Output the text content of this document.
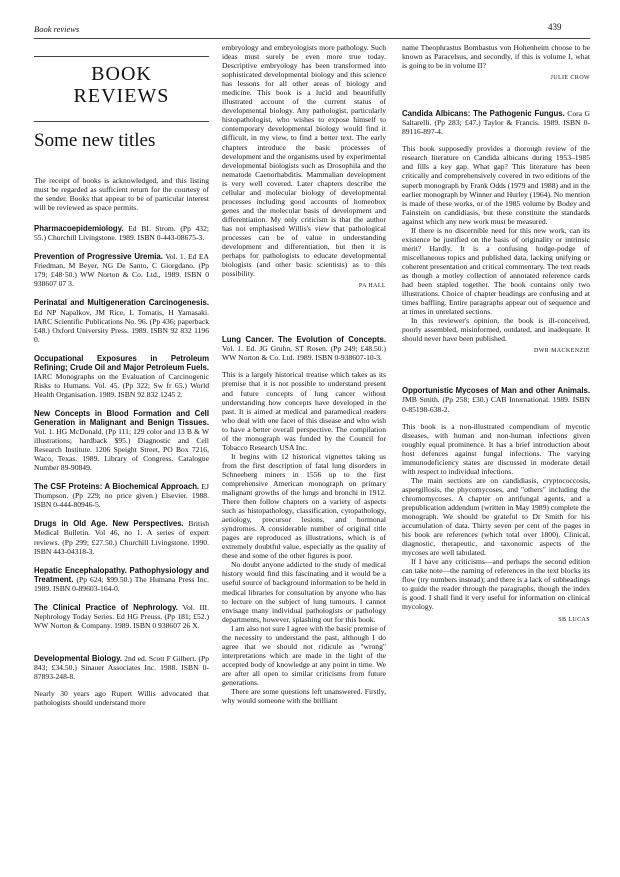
Book reviews	439
BOOK
REVIEWS
Some new titles

The receipt of books is acknowledged, and this listing must be regarded as sufficient return for the courtesy of the sender. Books that appear to be of particular interest will be reviewed as space permits.

Pharmacoepidemiology. Ed BL Strom. (Pp 432; 55.) Churchill Livingstone. 1989. ISBN 0-443-08675-3.
Prevention of Progressive Uremia. Vol. 1. Ed EA Friedman, M Beyer, NG De Santo, C Giorgdano. (Pp 179; £48·50.) WW Norton & Co. Ltd., 1989. ISBN 0 938607 07 3.
Perinatal and Multigeneration Carcinogenesis. Ed NP Napalkov, JM Rice, L Tomatis, H Yamasaki. IARC Scientific Publications No. 96. (Pp 436; paperback £48.) Oxford University Press. 1989. ISBN 92 832 1196 0.
Occupational Exposures in Petroleum Refining; Crude Oil and Major Petroleum Fuels. IARC Monographs on the Evaluation of Carcinogenic Risks to Humans. Vol. 45. (Pp 322; Sw fr 65.) World Health Organisation. 1989. ISBN 92 832 1245 2.
New Concepts in Blood Formation and Cell Generation in Malignant and Benign Tissues. Vol. 1. HG McDonald. (Pp 111; 129 color and 13 B & W illustrations; hardback $95.) Diagnostic and Cell Research Institute. 1206 Speight Street, PO Box 7216, Waco, Texas. 1989. Library of Congress. Catalogue Number 89-90849.
The CSF Proteins: A Biochemical Approach. EJ Thompson. (Pp 229; no price given.) Elsevier. 1988. ISBN 0-444-80946-5.
Drugs in Old Age. New Perspectives. British Medical Bulletin. Vol 46, no 1. A series of expert reviews. (Pp 299; £27.50.) Churchill Livingstone. 1990. ISBN 443-04318-3.
Hepatic Encephalopathy. Pathophysiology and Treatment. (Pp 624; $99.50.) The Humana Press Inc. 1989. ISBN 0-89603-164-0.
The Clinical Practice of Nephrology. Vol. III. Nephrology Today Series. Ed HG Preuss. (Pp 181; £52.) WW Norton & Company. 1989. ISBN 0 938607 26 X.
Developmental Biology. 2nd ed. Scott F Gilbert. (Pp 843; £34.50.) Sinauer Associates Inc. 1988. ISBN 0-87893-248-8.

Nearly 30 years ago Rupert Willis advocated that pathologists should understand more

embryology and embryologists more pathology. Such ideas must surely be even more true today. Descriptive embryology has been transformed into sophisticated developmental biology and this science has lessons for all other areas of biology and medicine. This book is a lucid and beautifully illustrated account of the current status of developmental biology. Any pathologist, particularly histopathologist, who wishes to expose himself to contemporary developmental biology would find it difficult, in my view, to find a better text. The early chapters introduce the basic processes of development and the organisms used by experimental developmental biologists such as Drosophila and the nematode Caenorhabditis. Mammalian development is very well covered. Later chapters describe the cellular and molecular biology of developmental processes including good accounts of homeobox genes and the molecular basis of development and differentiation. My only criticism is that the author has not emphasised Willis's view that pathological processes can be of value in understanding development and differentiation, but then it is perhaps for pathologists to educate developmental biologists (and other basic scientists) as to this possibility.

PA HALL
Lung Cancer. The Evolution of Concepts. Vol. 1. Ed. JG Gruhn, ST Rosen. (Pp 249; £48.50.) WW Norton & Co. Ltd. 1989. ISBN 0-938607-10-3.

This is a largely historical treatise which takes as its premise that it is not possible to understand present and future concepts of lung cancer without understanding how concepts have developed in the past. It is aimed at medical and paramedical readers who deal with one facet of this disease and who wish to have a better overall perspective. The compilation of the monograph was funded by the Council for Tobacco Research USA Inc.

It begins with 12 historical vignettes taking us from the first description of fatal lung disorders in Schneeberg miners in 1556 up to the first comprehensive American monograph on primary malignant growths of the lungs and bronchi in 1912. There then follow chapters on a variety of aspects such as histopathology, classification, cytopathology, aetiology, precursor lesions, and hormonal syndromes. A considerable number of original title pages are reproduced as illustrations, which is of extremely doubtful value, especially as the quality of these and some of the other figures is poor.

No doubt anyone addicted to the study of medical history would find this fascinating and it would be a useful source of background information to be held in medical libraries for consultation by anyone who has to lecture on the subject of lung tumours. I cannot envisage many individual pathologists or pathology departments, however, splashing out for this book.

I am also not sure I agree with the basic premise of the necessity to understand the past, although I do agree that we should not ridicule as "wrong" interpretations which are made in the light of the accepted body of knowledge at any point in time. We are after all open to similar criticisms from future generations.

There are some questions left unanswered. Firstly, why would someone with the brilliant

name Theophrastus Bombastus von Hohenheim choose to be known as Paracelsus, and secondly, if this is volume I, what is going to be in volume II?

JULIE CROW
Candida Albicans: The Pathogenic Fungus. Cora G Saltarelli. (Pp 283; £47.) Taylor & Francis. 1989. ISBN 0-89116-897-4.

This book supposedly provides a thorough review of the research literature on Candida albicans during 1953–1985 and fills a key gap. What gap? This literature has been critically and comprehensively covered in two editions of the superb monograph by Frank Odds (1979 and 1988) and in the earlier monograph by Winner and Hurley (1964). No mention is made of these works, or of the 1985 volume by Bodey and Fainstein on candidiasis, but these constitute the standards against which any new work must be measured.

If there is no discernible need for this new work, can its existence be justified on the basis of originality or intrinsic merit? Hardly. It is a confusing hodge-podge of miscellaneous topics and published data, lacking unifying or coherent presentation and critical commentary. The text reads as though a motley collection of annotated reference cards had been stapled together. The book contains only two illustrations. Choice of chapter headings are confusing and at times baffling. Entire paragraphs appear out of sequence and at times in unrelated sections.

In this reviewer's opinion, the book is ill-conceived, poorly assembled, misinformed, outdated, and inadequate. It should never have been published.

DWR MACKENZIE
Opportunistic Mycoses of Man and other Animals. JMB Smith. (Pp 258; £30.) CAB International. 1989. ISBN 0-85198-638-2.

This book is a non-illustrated compendium of mycotic diseases, with human and non-human infections given roughly equal prominence. It has a brief introduction about host defences against fungal infections. The varying immunodeficiency states are discussed in moderate detail with respect to individual infections.

The main sections are on candidiasis, cryptococcosis, aspergillosis, the phycomycoses, and "others" including the chromomycoses. A chapter on antifungal agents, and a prepublication addendum (written in May 1989) complete the monograph. We should be grateful to Dr Smith for his accumulation of data. Thirty seven per cent of the pages in his book are references (which total over 1800). Clinical, diagnostic, therapeutic, and taxonomic aspects of the mycoses are well tabulated.

If I have any criticisms—and perhaps the second edition can take note—the naming of references in the text blocks its flow (try numbers instead); and there is a lack of subheadings to guide the reader through the paragraphs, though the index is good. I shall find it very useful for information on clinical mycology.

SB LUCAS
